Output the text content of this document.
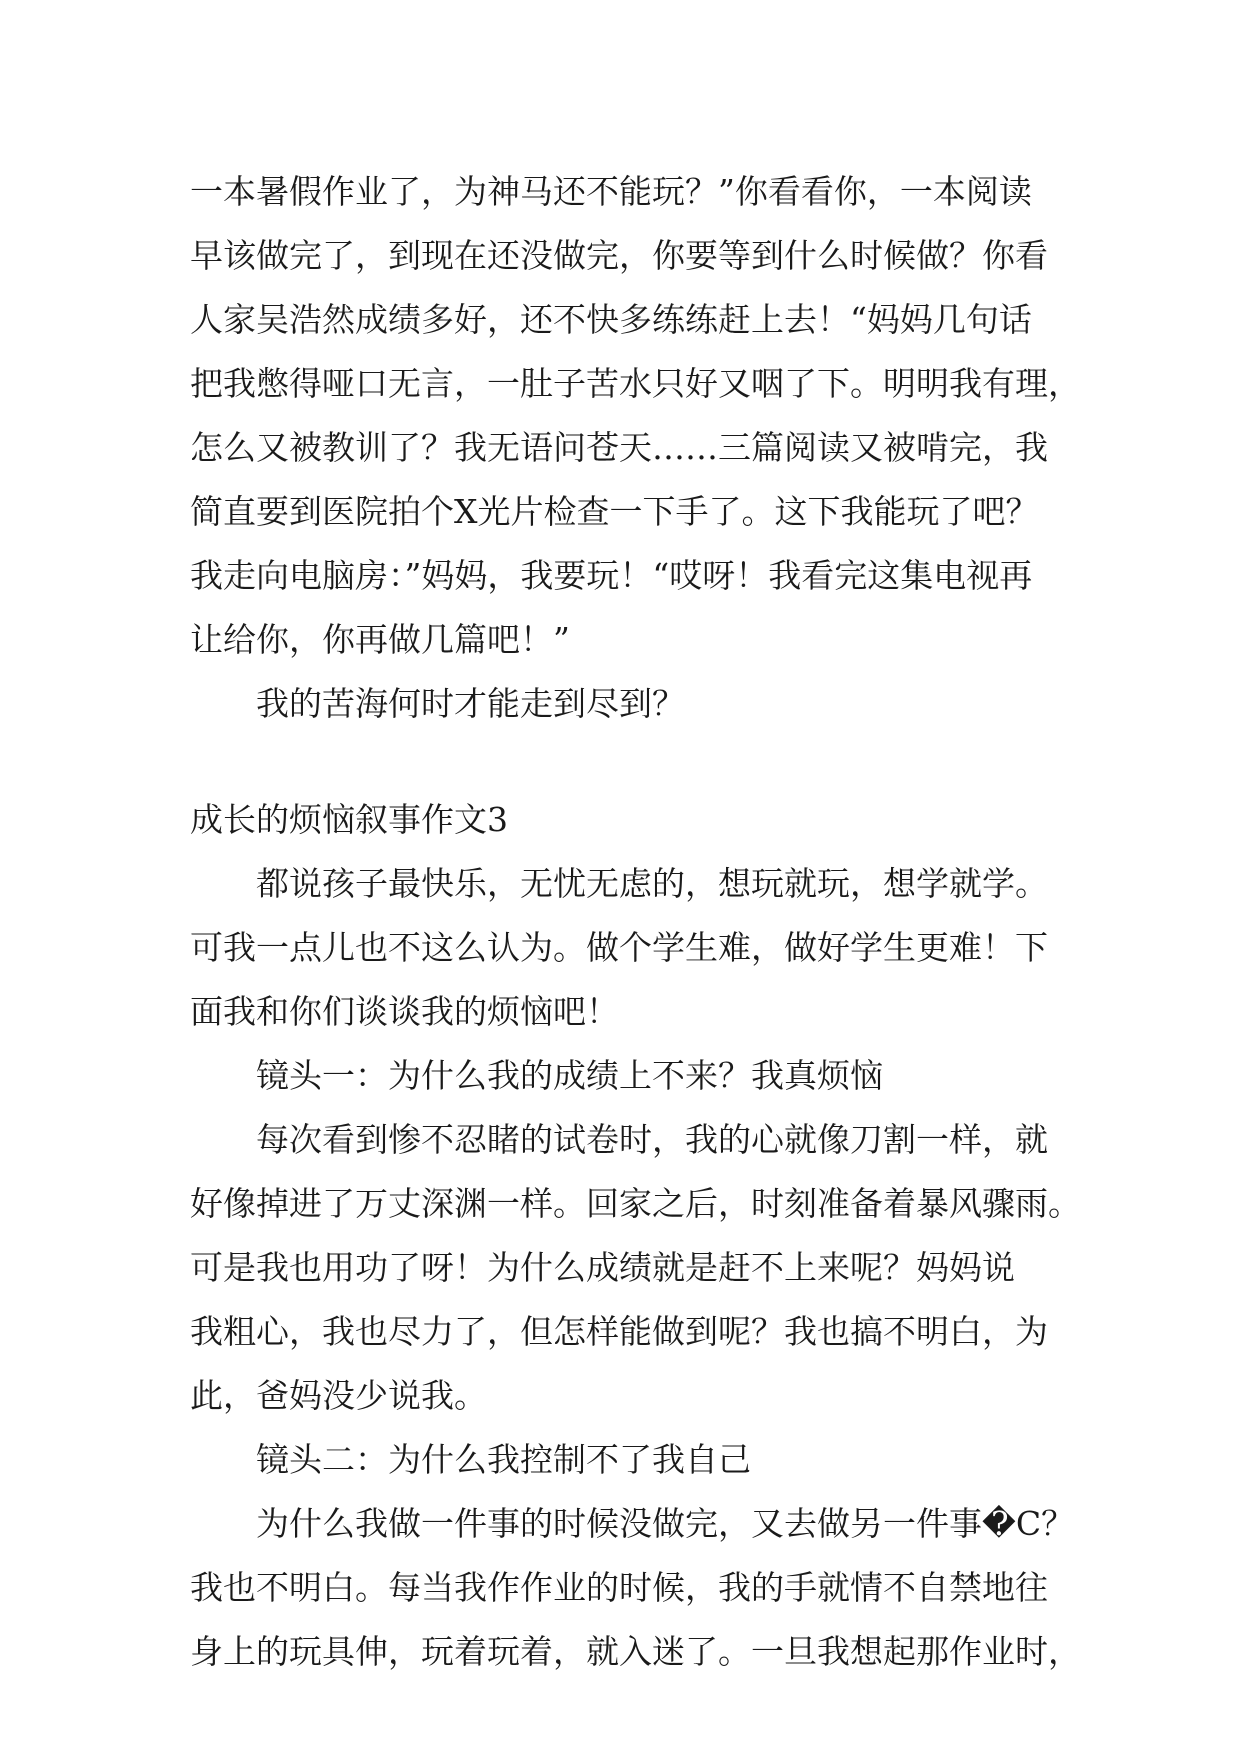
一本暑假作业了，为神马还不能玩？”你看看你，一本阅读

早该做完了，到现在还没做完，你要等到什么时候做？你看

人家吴浩然成绩多好，还不快多练练赶上去！“妈妈几句话

把我憋得哑口无言，一肚子苦水只好又咽了下。明明我有理，

怎么又被教训了？我无语问苍天……三篇阅读又被啃完，我

简直要到医院拍个X光片检查一下手了。这下我能玩了吧？

我走向电脑房：”妈妈，我要玩！“哎呀！我看完这集电视再

让给你，你再做几篇吧！”

我的苦海何时才能走到尽到？

成长的烦恼叙事作文3

都说孩子最快乐，无忧无虑的，想玩就玩，想学就学。

可我一点儿也不这么认为。做个学生难，做好学生更难！下

面我和你们谈谈我的烦恼吧！

镜头一：为什么我的成绩上不来？我真烦恼

每次看到惨不忍睹的试卷时，我的心就像刀割一样，就

好像掉进了万丈深渊一样。回家之后，时刻准备着暴风骤雨。

可是我也用功了呀！为什么成绩就是赶不上来呢？妈妈说

我粗心，我也尽力了，但怎样能做到呢？我也搞不明白，为

此，爸妈没少说我。

镜头二：为什么我控制不了我自己

为什么我做一件事的时候没做完，又去做另一件事�C？

我也不明白。每当我作作业的时候，我的手就情不自禁地往

身上的玩具伸，玩着玩着，就入迷了。一旦我想起那作业时，
